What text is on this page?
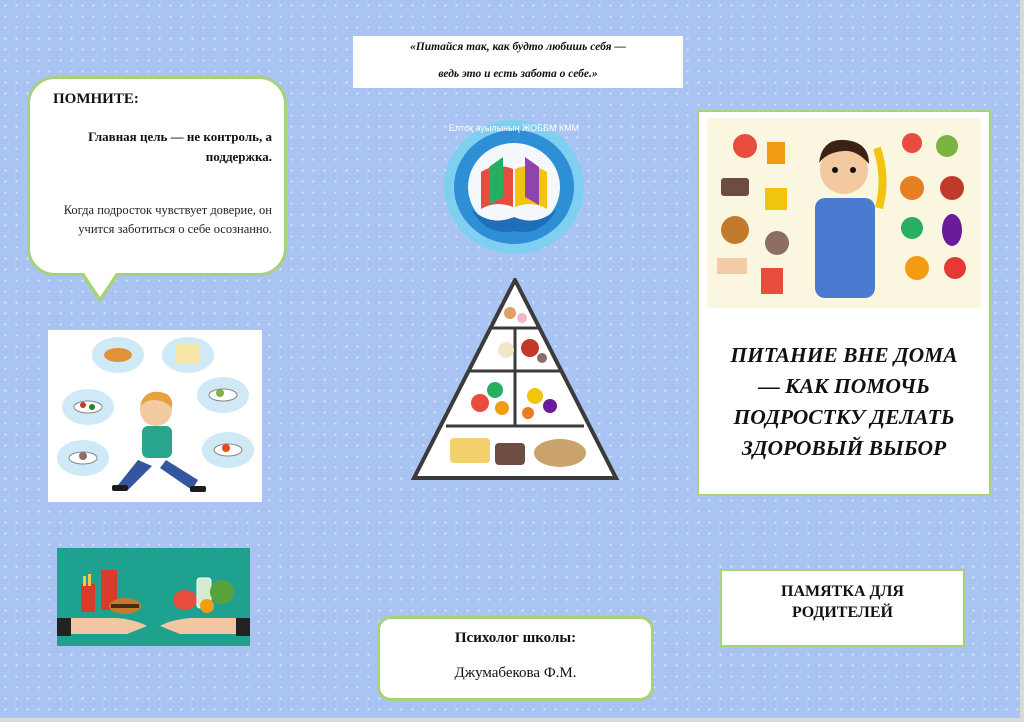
«Питайся так, как будто любишь себя —
ведь это и есть забота о себе.»
ПОМНИТЕ:
Главная цель — не контроль, а поддержка.
Когда подросток чувствует доверие, он учится заботиться о себе осознанно.
Елтоқ ауылының ЖОББМ КММ
ПИТАНИЕ ВНЕ ДОМА
— КАК ПОМОЧЬ
ПОДРОСТКУ ДЕЛАТЬ
ЗДОРОВЫЙ ВЫБОР
ПАМЯТКА ДЛЯ
РОДИТЕЛЕЙ
Психолог школы:
Джумабекова Ф.М.
